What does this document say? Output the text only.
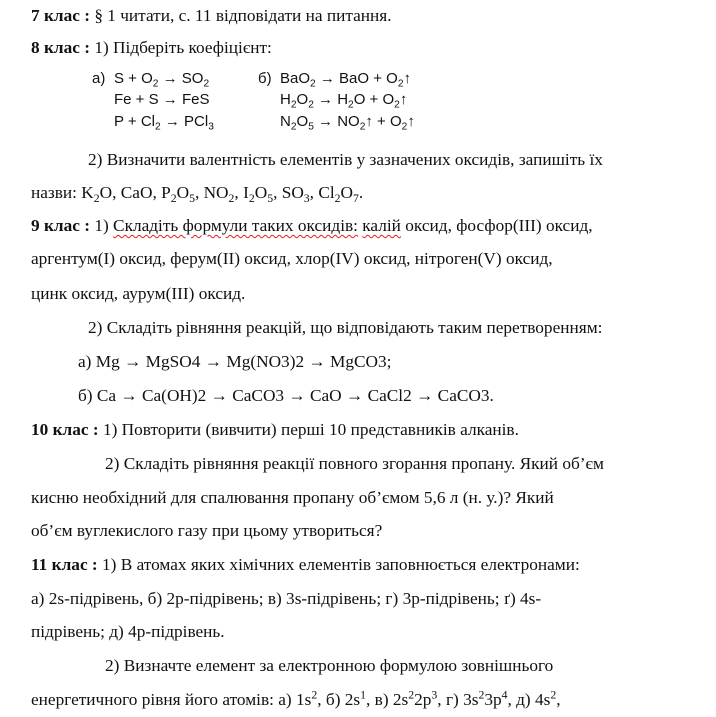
7 клас : § 1 читати, с. 11 відповідати на питання.
8 клас : 1) Підберіть коефіцієнт:
а) $S + O_2 \to SO_2$
Fe + S → FeS
$P + Cl_2 \to PCl_3$
б) BaO$_2$ → BaO + $O_2↑$
$H_2O_2 \to H_2O$ + $O_2↑$
$N_2O_5$ → $NO_2↑$ + $O_2↑$
2) Визначити валентність елементів у зазначених оксидів, запишіть їх
назви: $K_2O$, CaO, $P_2O_5$, $NO_2$, $I_2O_5$, $SO_3$, $Cl_2O_7$.
9 клас : 1) Складіть формули таких оксидів: калій оксид, фосфор(ІІІ) оксид,
аргентум(І) оксид, ферум(ІІ) оксид, хлор(IV) оксид, нітроген(V) оксид,
цинк оксид, аурум(ІІІ) оксид.
2) Складіть рівняння реакцій, що відповідають таким перетворенням:
а) Mg → MgSO4 → Mg(NO3)2 → MgCO3;
б) Ca → Ca(OH)2 → CaCO3 → CaO → CaCl2 → CaCO3.
10 клас : 1) Повторити (вивчити) перші 10 представників алканів.
2) Складіть рівняння реакції повного згорання пропану. Який об’єм
кисню необхідний для спалювання пропану об’ємом 5,6 л (н. у.)? Який
об’єм вуглекислого газу при цьому утвориться?
11 клас : 1) В атомах яких хімічних елементів заповнюється електронами:
а) 2s-підрівень, б) 2р-підрівень; в) 3s-підрівень; г) 3р-підрівень; ґ) 4s-
підрівень; д) 4р-підрівень.
2) Визначте елемент за електронною формулою зовнішнього
енергетичного рівня його атомів: а) $1s^2$, б) $2s^1$, в) $2s^22p^3$, г) $3s^23p^4$, д) $4s^2$,
